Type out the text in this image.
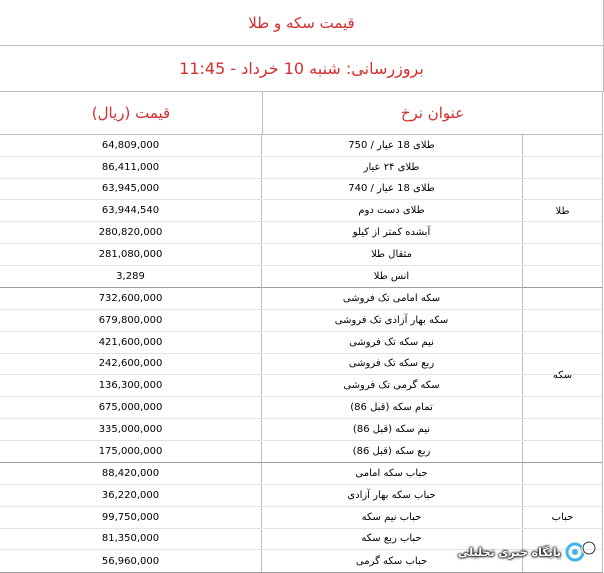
قیمت سکه و طلا
بروزرسانی: شنبه 10 خرداد - 11:45
قیمت (ریال)	عنوان نرخ
طلا
64,809,000	طلای 18 عیار / 750
86,411,000	طلای ۲۴ عیار
63,945,000	طلای 18 عیار / 740
63,944,540	طلای دست دوم
280,820,000	آبشده کمتر از کیلو
281,080,000	مثقال طلا
3,289	انس طلا
سکه
732,600,000	سکه امامی تک فروشی
679,800,000	سکه بهار آزادی تک فروشی
421,600,000	نیم سکه تک فروشی
242,600,000	ربع سکه تک فروشی
136,300,000	سکه گرمی تک فروشی
675,000,000	تمام سکه (قبل 86)
335,000,000	نیم سکه (قبل 86)
175,000,000	ربع سکه (قبل 86)
حباب
88,420,000	حباب سکه امامی
36,220,000	حباب سکه بهار آزادی
99,750,000	حباب نیم سکه
81,350,000	حباب ربع سکه
56,960,000	حباب سکه گرمی
پایگاه خبری تحلیلی
